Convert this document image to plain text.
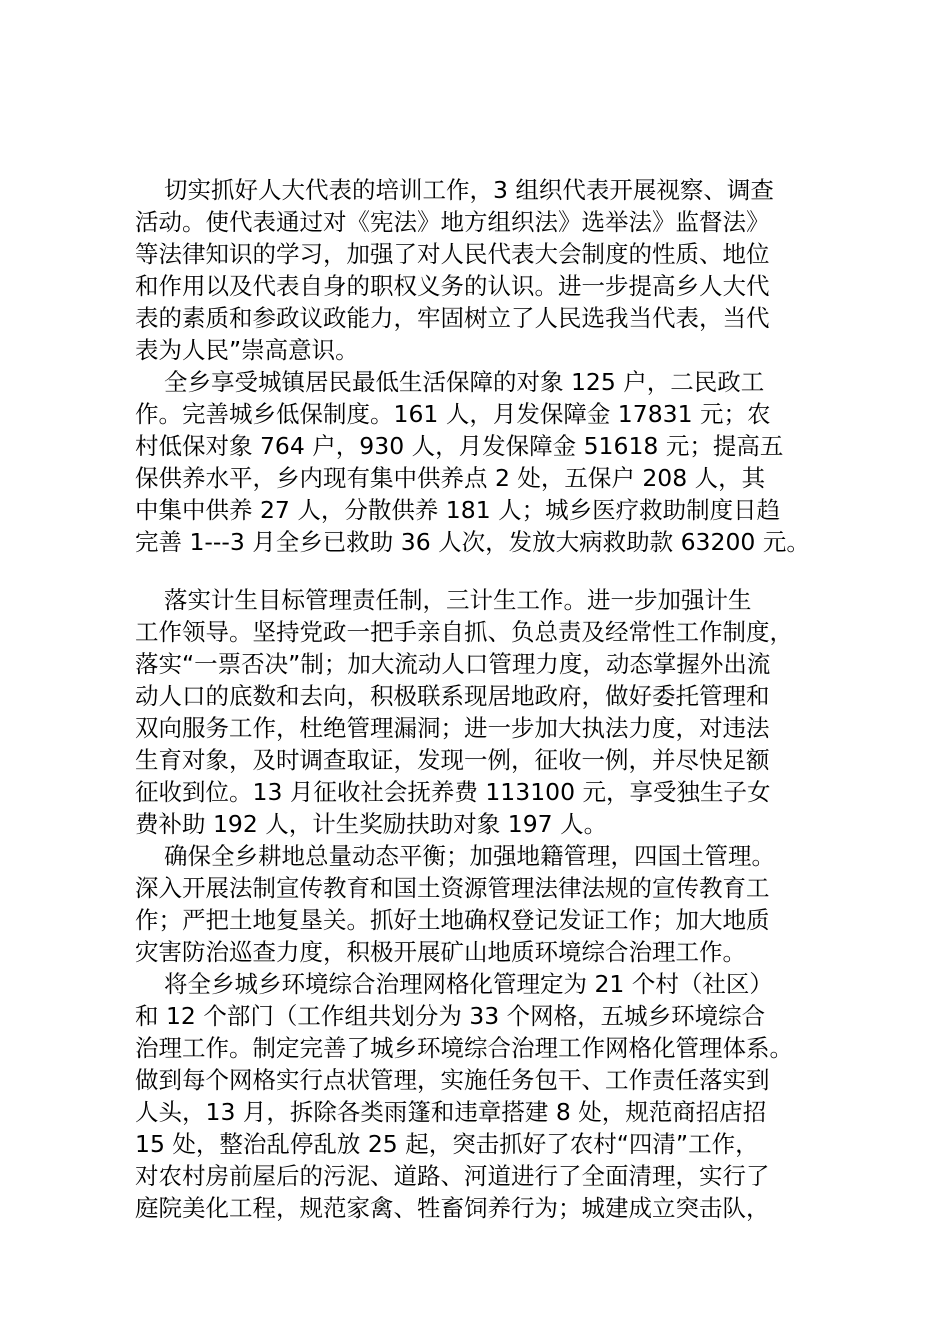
切实抓好人大代表的培训工作，3 组织代表开展视察、调查
活动。使代表通过对《宪法》地方组织法》选举法》监督法》
等法律知识的学习，加强了对人民代表大会制度的性质、地位
和作用以及代表自身的职权义务的认识。进一步提高乡人大代
表的素质和参政议政能力，牢固树立了人民选我当代表，当代
表为人民”崇高意识。
全乡享受城镇居民最低生活保障的对象 125 户，二民政工
作。完善城乡低保制度。161 人，月发保障金 17831 元；农
村低保对象 764 户，930 人，月发保障金 51618 元；提高五
保供养水平，乡内现有集中供养点 2 处，五保户 208 人，其
中集中供养 27 人，分散供养 181 人；城乡医疗救助制度日趋
完善 1---3 月全乡已救助 36 人次，发放大病救助款 63200 元。
落实计生目标管理责任制，三计生工作。进一步加强计生
工作领导。坚持党政一把手亲自抓、负总责及经常性工作制度，
落实“一票否决”制；加大流动人口管理力度，动态掌握外出流
动人口的底数和去向，积极联系现居地政府，做好委托管理和
双向服务工作，杜绝管理漏洞；进一步加大执法力度，对违法
生育对象，及时调查取证，发现一例，征收一例，并尽快足额
征收到位。13 月征收社会抚养费 113100 元，享受独生子女
费补助 192 人，计生奖励扶助对象 197 人。
确保全乡耕地总量动态平衡；加强地籍管理，四国土管理。
深入开展法制宣传教育和国土资源管理法律法规的宣传教育工
作；严把土地复垦关。抓好土地确权登记发证工作；加大地质
灾害防治巡查力度，积极开展矿山地质环境综合治理工作。
将全乡城乡环境综合治理网格化管理定为 21 个村（社区）
和 12 个部门（工作组共划分为 33 个网格，五城乡环境综合
治理工作。制定完善了城乡环境综合治理工作网格化管理体系。
做到每个网格实行点状管理，实施任务包干、工作责任落实到
人头，13 月，拆除各类雨篷和违章搭建 8 处，规范商招店招
15 处，整治乱停乱放 25 起，突击抓好了农村“四清”工作，
对农村房前屋后的污泥、道路、河道进行了全面清理，实行了
庭院美化工程，规范家禽、牲畜饲养行为；城建成立突击队，
